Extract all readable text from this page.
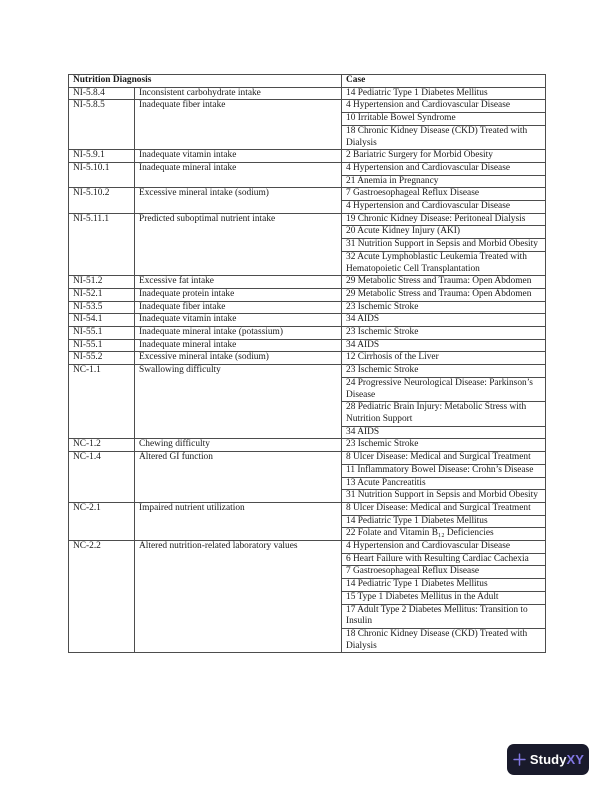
Nutrition Diagnosis		Case
NI-5.8.4	Inconsistent carbohydrate intake	14 Pediatric Type 1 Diabetes Mellitus
NI-5.8.5	Inadequate fiber intake	4 Hypertension and Cardiovascular Disease
		10 Irritable Bowel Syndrome
		18 Chronic Kidney Disease (CKD) Treated with Dialysis
NI-5.9.1	Inadequate vitamin intake	2 Bariatric Surgery for Morbid Obesity
NI-5.10.1	Inadequate mineral intake	4 Hypertension and Cardiovascular Disease
		21 Anemia in Pregnancy
NI-5.10.2	Excessive mineral intake (sodium)	7 Gastroesophageal Reflux Disease
		4 Hypertension and Cardiovascular Disease
NI-5.11.1	Predicted suboptimal nutrient intake	19 Chronic Kidney Disease: Peritoneal Dialysis
		20 Acute Kidney Injury (AKI)
		31 Nutrition Support in Sepsis and Morbid Obesity
		32 Acute Lymphoblastic Leukemia Treated with Hematopoietic Cell Transplantation
NI-51.2	Excessive fat intake	29 Metabolic Stress and Trauma: Open Abdomen
NI-52.1	Inadequate protein intake	29 Metabolic Stress and Trauma: Open Abdomen
NI-53.5	Inadequate fiber intake	23 Ischemic Stroke
NI-54.1	Inadequate vitamin intake	34 AIDS
NI-55.1	Inadequate mineral intake (potassium)	23 Ischemic Stroke
NI-55.1	Inadequate mineral intake	34 AIDS
NI-55.2	Excessive mineral intake (sodium)	12 Cirrhosis of the Liver
NC-1.1	Swallowing difficulty	23 Ischemic Stroke
		24 Progressive Neurological Disease: Parkinson’s Disease
		28 Pediatric Brain Injury: Metabolic Stress with Nutrition Support
		34 AIDS
NC-1.2	Chewing difficulty	23 Ischemic Stroke
NC-1.4	Altered GI function	8 Ulcer Disease: Medical and Surgical Treatment
		11 Inflammatory Bowel Disease: Crohn’s Disease
		13 Acute Pancreatitis
		31 Nutrition Support in Sepsis and Morbid Obesity
NC-2.1	Impaired nutrient utilization	8 Ulcer Disease: Medical and Surgical Treatment
		14 Pediatric Type 1 Diabetes Mellitus
		22 Folate and Vitamin B₁₂ Deficiencies
NC-2.2	Altered nutrition-related laboratory values	4 Hypertension and Cardiovascular Disease
		6 Heart Failure with Resulting Cardiac Cachexia
		7 Gastroesophageal Reflux Disease
		14 Pediatric Type 1 Diabetes Mellitus
		15 Type 1 Diabetes Mellitus in the Adult
		17 Adult Type 2 Diabetes Mellitus: Transition to Insulin
		18 Chronic Kidney Disease (CKD) Treated with Dialysis
StudyXY
